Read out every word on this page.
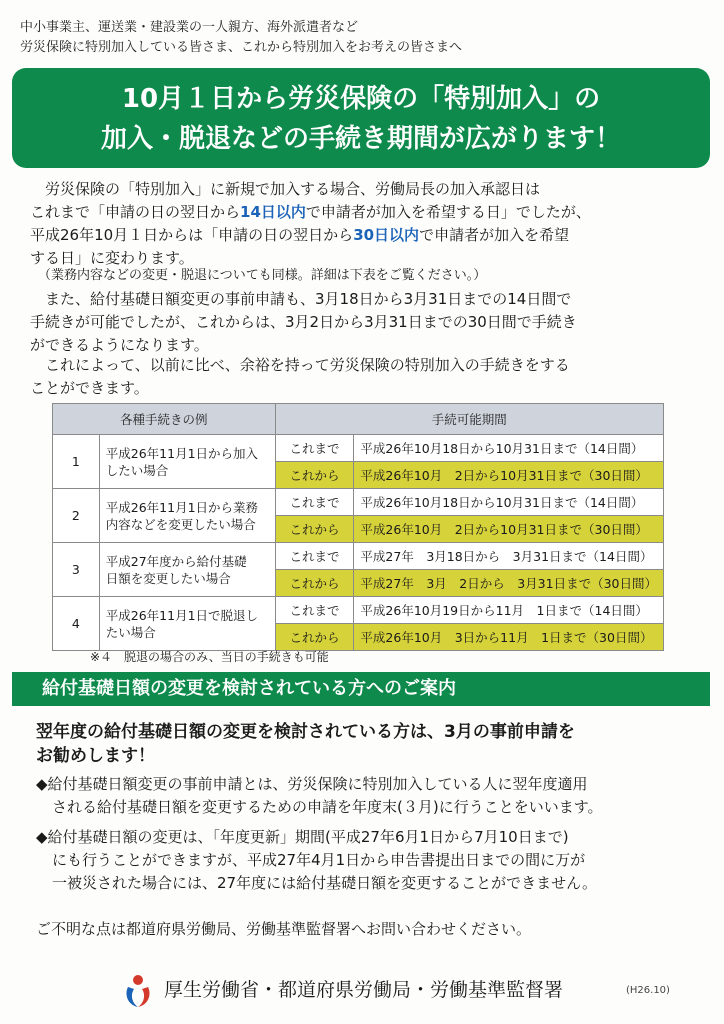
中小事業主、運送業・建設業の一人親方、海外派遣者など
労災保険に特別加入している皆さま、これから特別加入をお考えの皆さまへ
10月１日から労災保険の「特別加入」の
加入・脱退などの手続き期間が広がります！
労災保険の「特別加入」に新規で加入する場合、労働局長の加入承認日は
これまで「申請の日の翌日から14日以内で申請者が加入を希望する日」でしたが、
平成26年10月１日からは「申請の日の翌日から30日以内で申請者が加入を希望
する日」に変わります。
（業務内容などの変更・脱退についても同様。詳細は下表をご覧ください。）
また、給付基礎日額変更の事前申請も、3月18日から3月31日までの14日間で
手続きが可能でしたが、これからは、3月2日から3月31日までの30日間で手続き
ができるようになります。
これによって、以前に比べ、余裕を持って労災保険の特別加入の手続きをする
ことができます。
各種手続きの例		手続可能期間	
1	平成26年11月1日から加入
したい場合	これまで	平成26年10月18日から10月31日まで（14日間）
		これから	平成26年10月　2日から10月31日まで（30日間）
2	平成26年11月1日から業務
内容などを変更したい場合	これまで	平成26年10月18日から10月31日まで（14日間）
		これから	平成26年10月　2日から10月31日まで（30日間）
3	平成27年度から給付基礎
日額を変更したい場合	これまで	平成27年　3月18日から　3月31日まで（14日間）
		これから	平成27年　3月　2日から　3月31日まで（30日間）
4	平成26年11月1日で脱退し
たい場合	これまで	平成26年10月19日から11月　1日まで（14日間）
		これから	平成26年10月　3日から11月　1日まで（30日間）
※４　脱退の場合のみ、当日の手続きも可能
給付基礎日額の変更を検討されている方へのご案内
翌年度の給付基礎日額の変更を検討されている方は、3月の事前申請を
お勧めします！
◆給付基礎日額変更の事前申請とは、労災保険に特別加入している人に翌年度適用
される給付基礎日額を変更するための申請を年度末(３月)に行うことをいいます。
◆給付基礎日額の変更は、「年度更新」期間(平成27年6月1日から7月10日まで)
にも行うことができますが、平成27年4月1日から申告書提出日までの間に万が
一被災された場合には、27年度には給付基礎日額を変更することができません。
ご不明な点は都道府県労働局、労働基準監督署へお問い合わせください。
厚生労働省・都道府県労働局・労働基準監督署	(H26.10)
